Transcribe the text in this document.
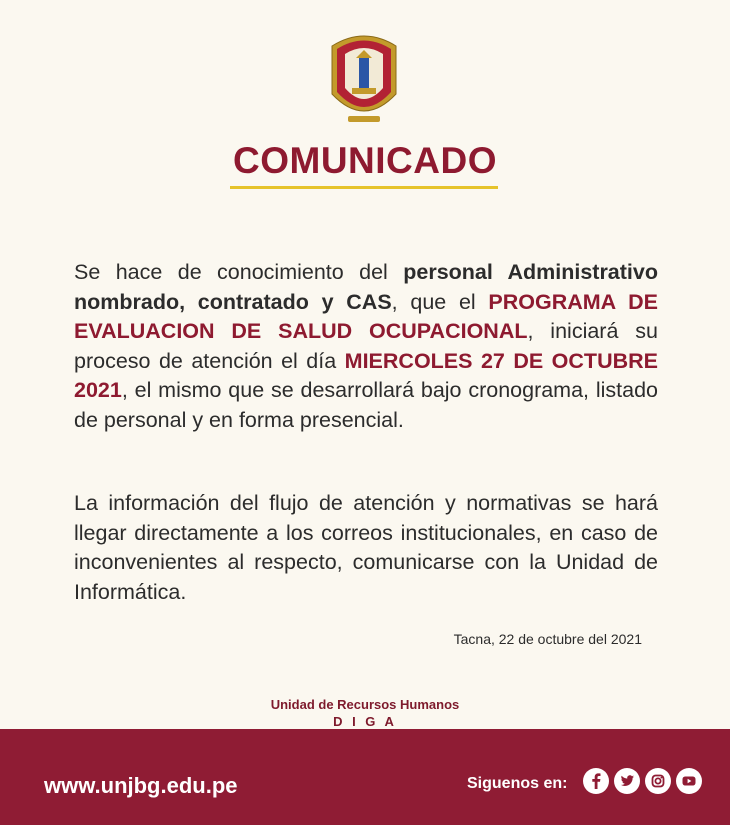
COMUNICADO
Se hace de conocimiento del personal Administrativo nombrado, contratado y CAS, que el PROGRAMA DE EVALUACION DE SALUD OCUPACIONAL, iniciará su proceso de atención el día MIERCOLES 27 DE OCTUBRE 2021, el mismo que se desarrollará bajo cronograma, listado de personal y en forma presencial.
La información del flujo de atención y normativas se hará llegar directamente a los correos institucionales, en caso de inconvenientes al respecto, comunicarse con la Unidad de Informática.
Tacna, 22 de octubre del 2021
Unidad de Recursos Humanos
D I G A
www.unjbg.edu.pe	Siguenos en:
